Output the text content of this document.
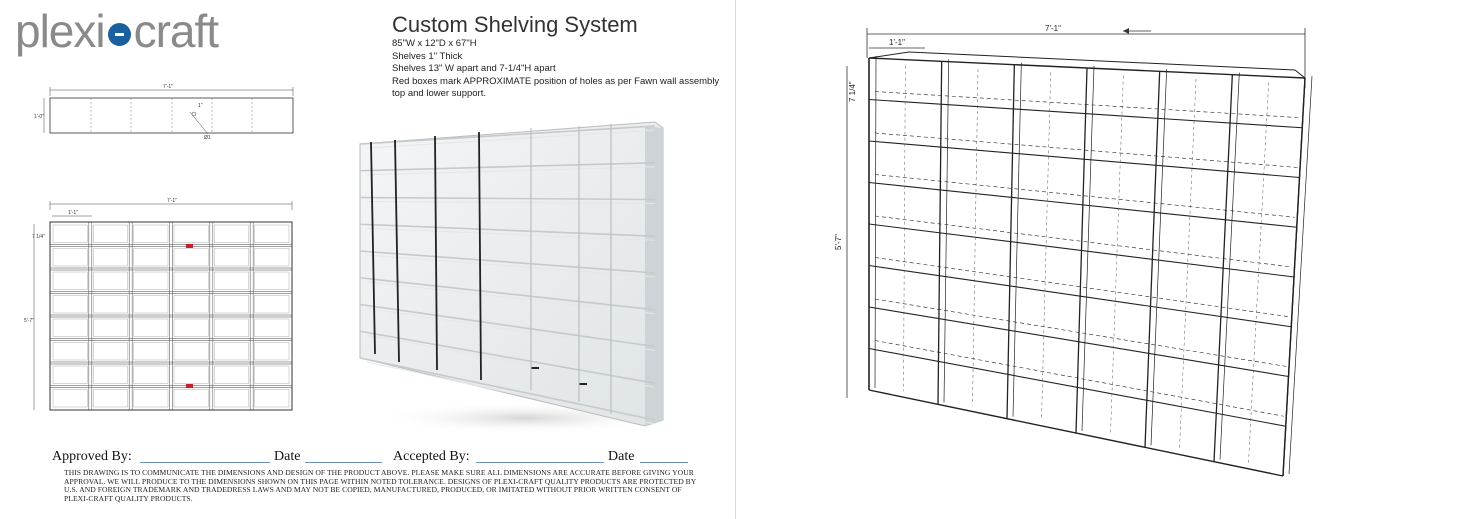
plexi craft	Custom Shelving System
85"W x 12"D x 67"H
Shelves 1" Thick
Shelves 13" W apart and 7-1/4"H apart
Red boxes mark APPROXIMATE position of holes as per Fawn wall assembly top and lower support.
7'-1"
1'-0"
1"
Ø1
7'-1"
1'-1"
7 1/4"
5'-7"
Approved By:	Date	Accepted By:	Date
THIS DRAWING IS TO COMMUNICATE THE DIMENSIONS AND DESIGN OF THE PRODUCT ABOVE. PLEASE MAKE SURE ALL DIMENSIONS ARE ACCURATE BEFORE GIVING YOUR APPROVAL. WE WILL PRODUCE TO THE DIMENSIONS SHOWN ON THIS PAGE WITHIN NOTED TOLERANCE. DESIGNS OF PLEXI-CRAFT QUALITY PRODUCTS ARE PROTECTED BY U.S. AND FOREIGN TRADEMARK AND TRADEDRESS LAWS AND MAY NOT BE COPIED, MANUFACTURED, PRODUCED, OR IMITATED WITHOUT PRIOR WRITTEN CONSENT OF PLEXI-CRAFT QUALITY PRODUCTS.
7'-1"
1'-1"
5'-7"
7 1/4"
